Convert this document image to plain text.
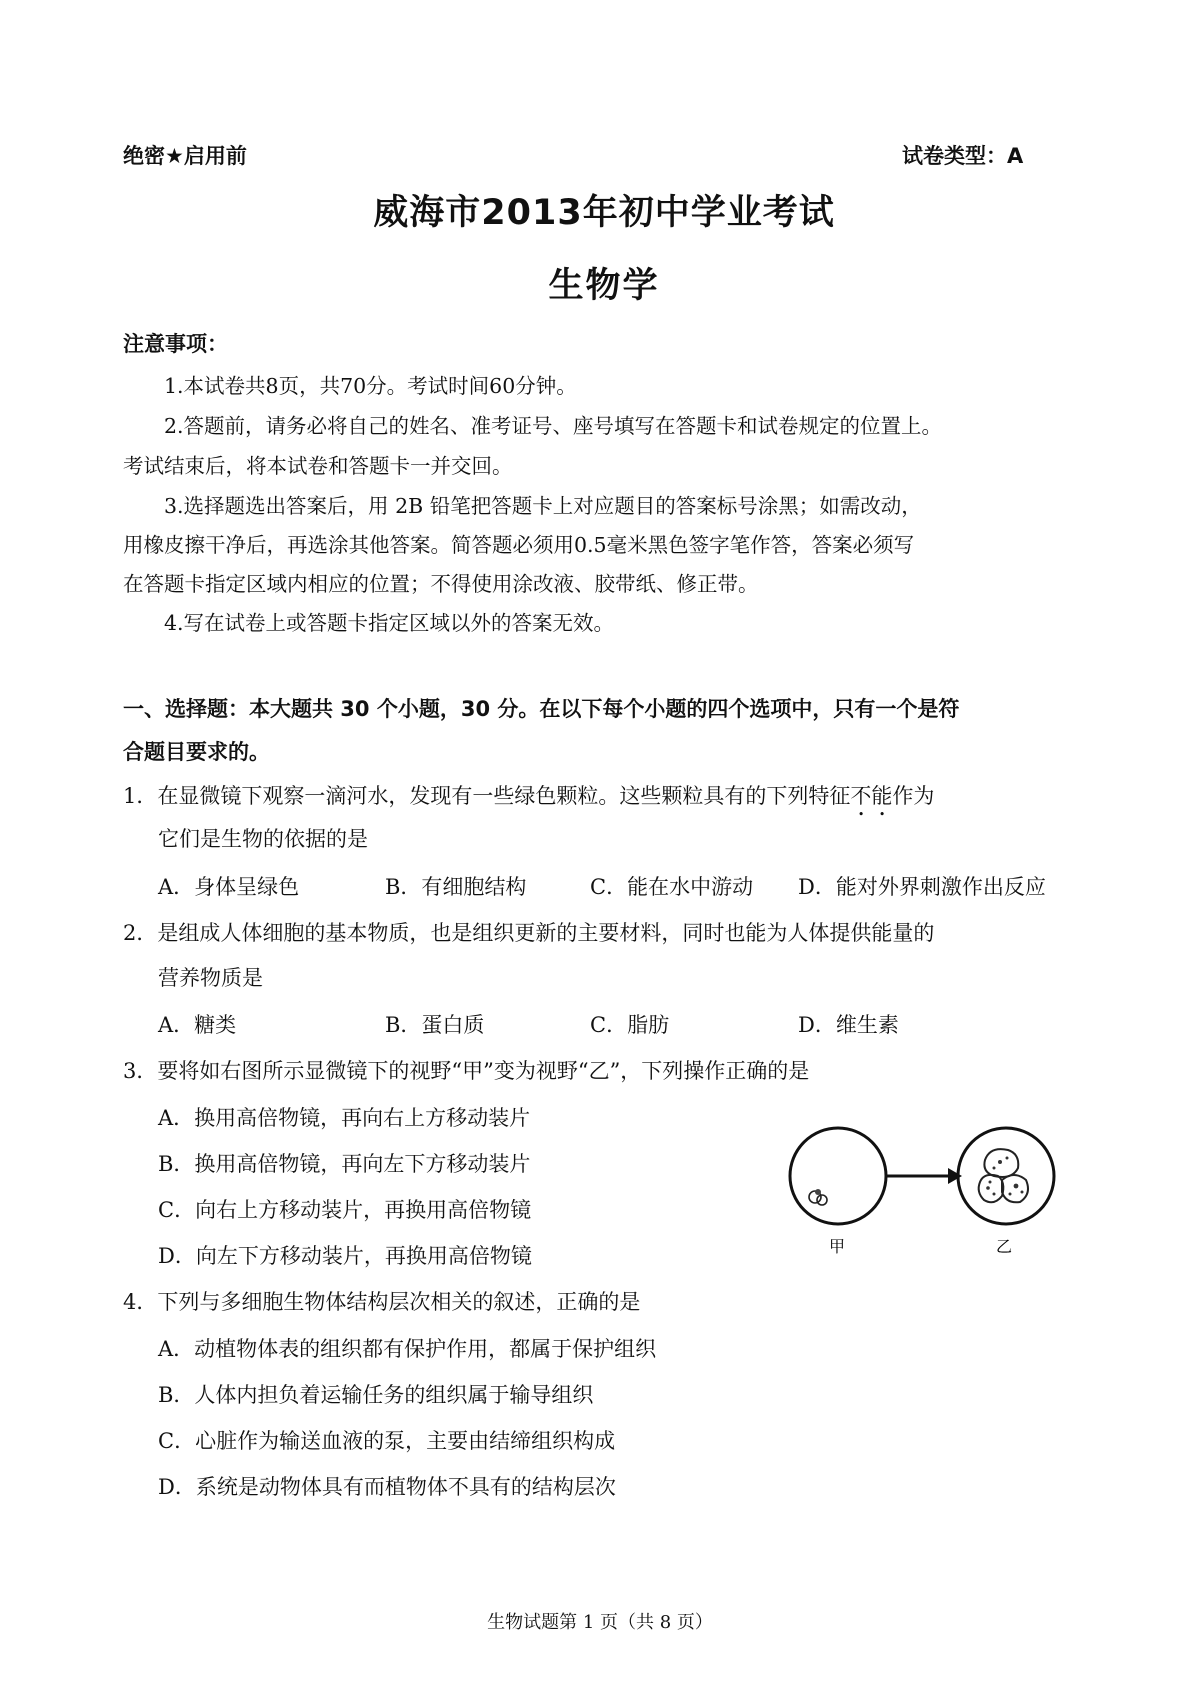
绝密★启用前	试卷类型：A
威海市2013年初中学业考试
生物学
注意事项：
1.本试卷共8页，共70分。考试时间60分钟。
2.答题前，请务必将自己的姓名、准考证号、座号填写在答题卡和试卷规定的位置上。
考试结束后，将本试卷和答题卡一并交回。
3.选择题选出答案后，用 2B 铅笔把答题卡上对应题目的答案标号涂黑；如需改动，
用橡皮擦干净后，再选涂其他答案。简答题必须用0.5毫米黑色签字笔作答，答案必须写
在答题卡指定区域内相应的位置；不得使用涂改液、胶带纸、修正带。
4.写在试卷上或答题卡指定区域以外的答案无效。
一、选择题：本大题共 30 个小题，30 分。在以下每个小题的四个选项中，只有一个是符
合题目要求的。
1．在显微镜下观察一滴河水，发现有一些绿色颗粒。这些颗粒具有的下列特征不能作为
它们是生物的依据的是
A．身体呈绿色	B．有细胞结构	C．能在水中游动 D．能对外界刺激作出反应
2．是组成人体细胞的基本物质，也是组织更新的主要材料，同时也能为人体提供能量的
营养物质是
A．糖类	B．蛋白质	C．脂肪	D．维生素
3．要将如右图所示显微镜下的视野“甲”变为视野“乙”，下列操作正确的是
A．换用高倍物镜，再向右上方移动装片
B．换用高倍物镜，再向左下方移动装片
C．向右上方移动装片，再换用高倍物镜
D．向左下方移动装片，再换用高倍物镜	甲	乙
4．下列与多细胞生物体结构层次相关的叙述，正确的是
A．动植物体表的组织都有保护作用，都属于保护组织
B．人体内担负着运输任务的组织属于输导组织
C．心脏作为输送血液的泵，主要由结缔组织构成
D．系统是动物体具有而植物体不具有的结构层次
生物试题第 1 页（共 8 页）
